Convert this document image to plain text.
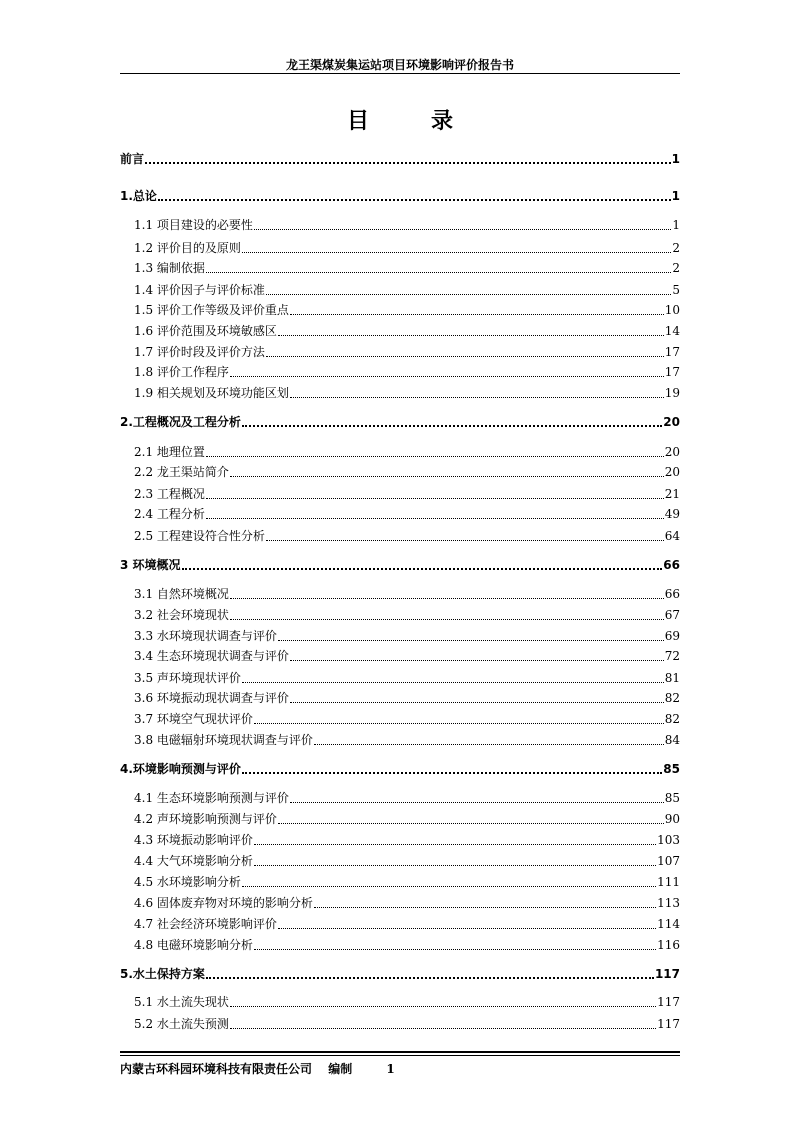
龙王渠煤炭集运站项目环境影响评价报告书
目录
前言	1
1.总论	1
1.1 项目建设的必要性	1
1.2 评价目的及原则	2
1.3 编制依据	2
1.4 评价因子与评价标准	5
1.5 评价工作等级及评价重点	10
1.6 评价范围及环境敏感区	14
1.7 评价时段及评价方法	17
1.8 评价工作程序	17
1.9 相关规划及环境功能区划	19
2.工程概况及工程分析	20
2.1 地理位置	20
2.2 龙王渠站简介	20
2.3 工程概况	21
2.4 工程分析	49
2.5 工程建设符合性分析	64
3 环境概况	66
3.1 自然环境概况	66
3.2 社会环境现状	67
3.3 水环境现状调查与评价	69
3.4 生态环境现状调查与评价	72
3.5 声环境现状评价	81
3.6 环境振动现状调查与评价	82
3.7 环境空气现状评价	82
3.8 电磁辐射环境现状调查与评价	84
4.环境影响预测与评价	85
4.1 生态环境影响预测与评价	85
4.2 声环境影响预测与评价	90
4.3 环境振动影响评价	103
4.4 大气环境影响分析	107
4.5 水环境影响分析	111
4.6 固体废弃物对环境的影响分析	113
4.7 社会经济环境影响评价	114
4.8 电磁环境影响分析	116
5.水土保持方案	117
5.1 水土流失现状	117
5.2 水土流失预测	117
内蒙古环科园环境科技有限责任公司 编制	1
